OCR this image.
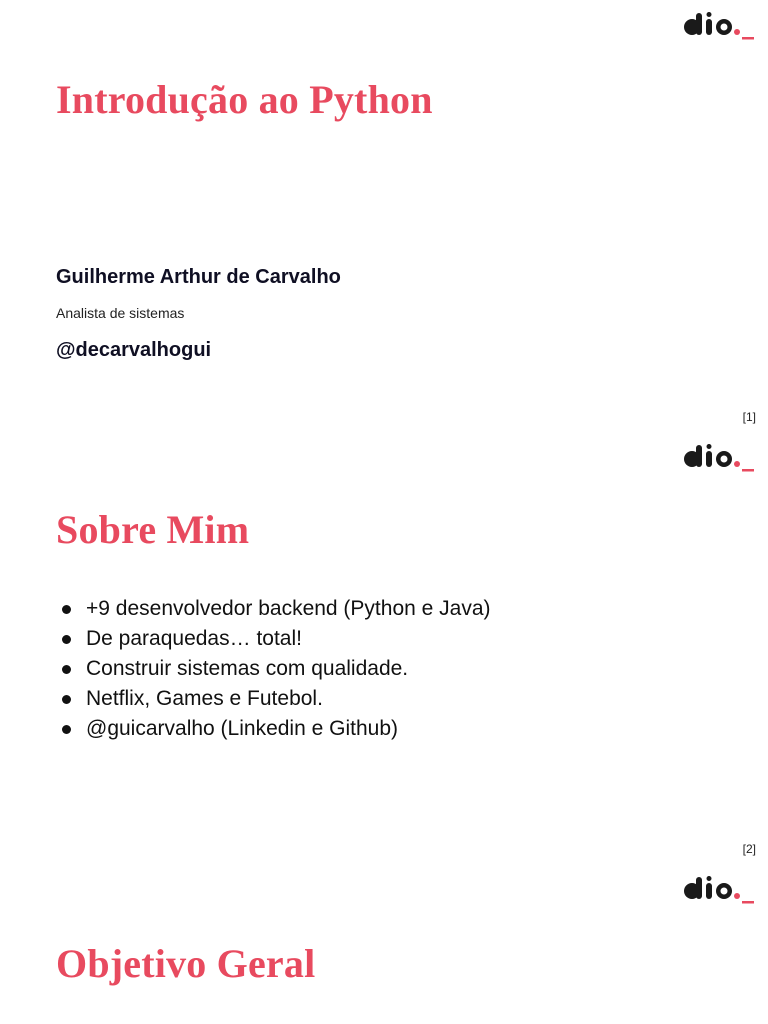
Introdução ao Python
Guilherme Arthur de Carvalho
Analista de sistemas
@decarvalhogui
[1]
Sobre Mim
+9 desenvolvedor backend (Python e Java)
De paraquedas… total!
Construir sistemas com qualidade.
Netflix, Games e Futebol.
@guicarvalho (Linkedin e Github)
[2]
Objetivo Geral
